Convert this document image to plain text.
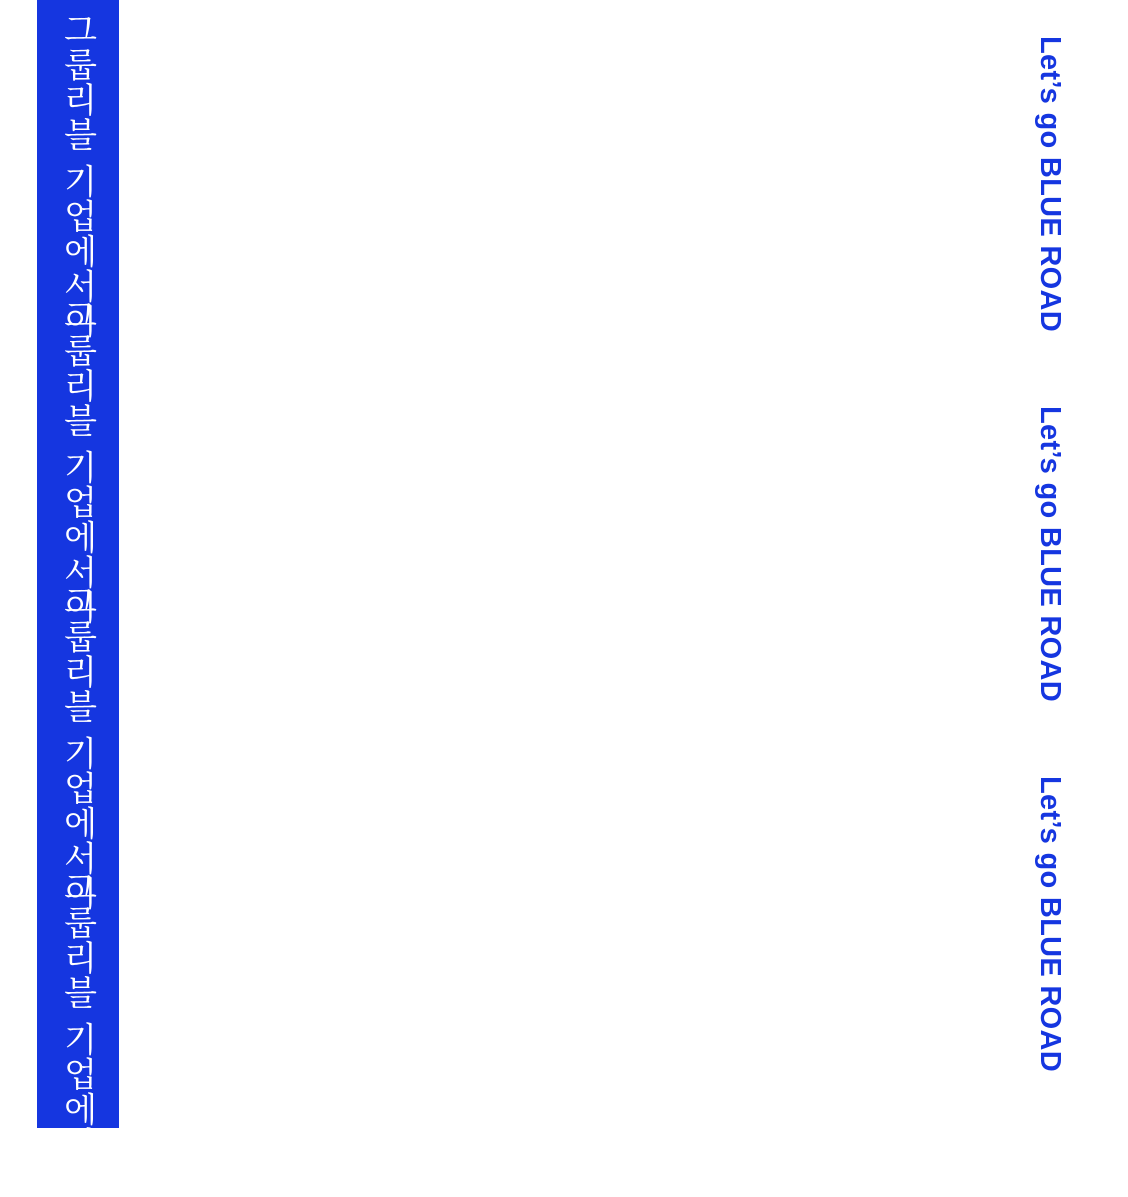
그룹리블 기업에서이
그룹리블 기업에서이
그룹리블 기업에서이
그룹리블 기업에서이
Let’s go BLUE ROAD
Let’s go BLUE ROAD
Let’s go BLUE ROAD
